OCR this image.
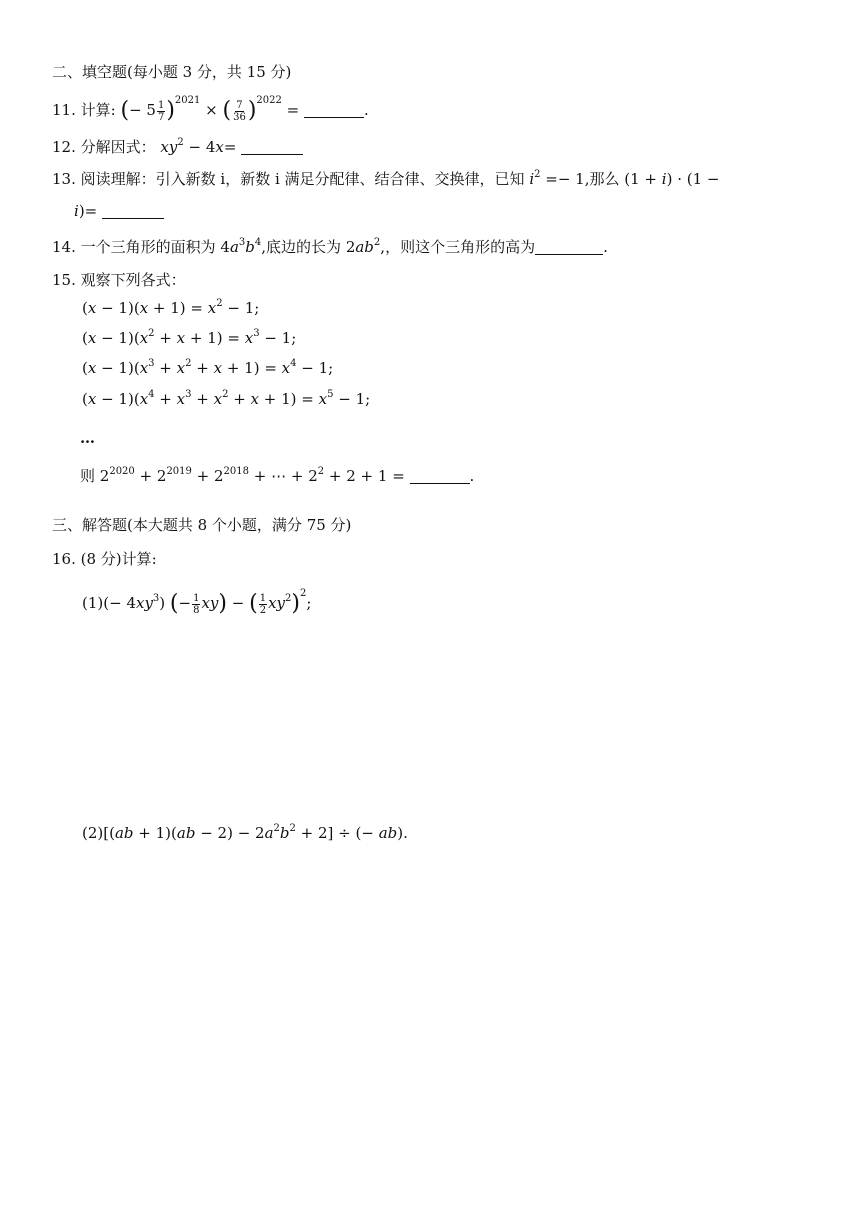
二、填空题(每小题 3 分，共 15 分)
11. 计算: (− $5 \frac{1}{7} )^{2021}$ × ( $\frac{7}{36} )^{2022}$ =	.
12. 分解因式： $xy^2 - 4x=$
13. 阅读理解：引入新数 i，新数 i 满足分配律、结合律、交换律，已知 $i^2 =- 1$,那么 (1 + i) · (1 −
i)=
14. 一个三角形的面积为 $4a^3b^4$,底边的长为 $2ab^2$,，则这个三角形的高为	.
15. 观察下列各式：
$(x - 1)(x + 1) = x^2 - 1$;
$(x - 1)(x^2 + x + 1) = x^3 - 1$;
$(x - 1)(x^3 + x^2 + x + 1) = x^4 - 1$;
$(x - 1)(x^4 + x^3 + x^2 + x + 1) = x^5 - 1$;
…
则 $2^{2020} + 2^{2019} + 2^{2018}$ + ⋯ + $2^2 + 2 + 1$ =	.
三、解答题(本大题共 8 个小题，满分 75 分)
16. (8 分)计算:
$(1)(- 4xy^3)$ (− $\frac{1}{8} xy$) − ( $\frac{1}{2} xy^2)^2$;
$(2)[(ab + 1)(ab - 2) - 2a^2b^2 + 2]$ ÷ (− ab).
